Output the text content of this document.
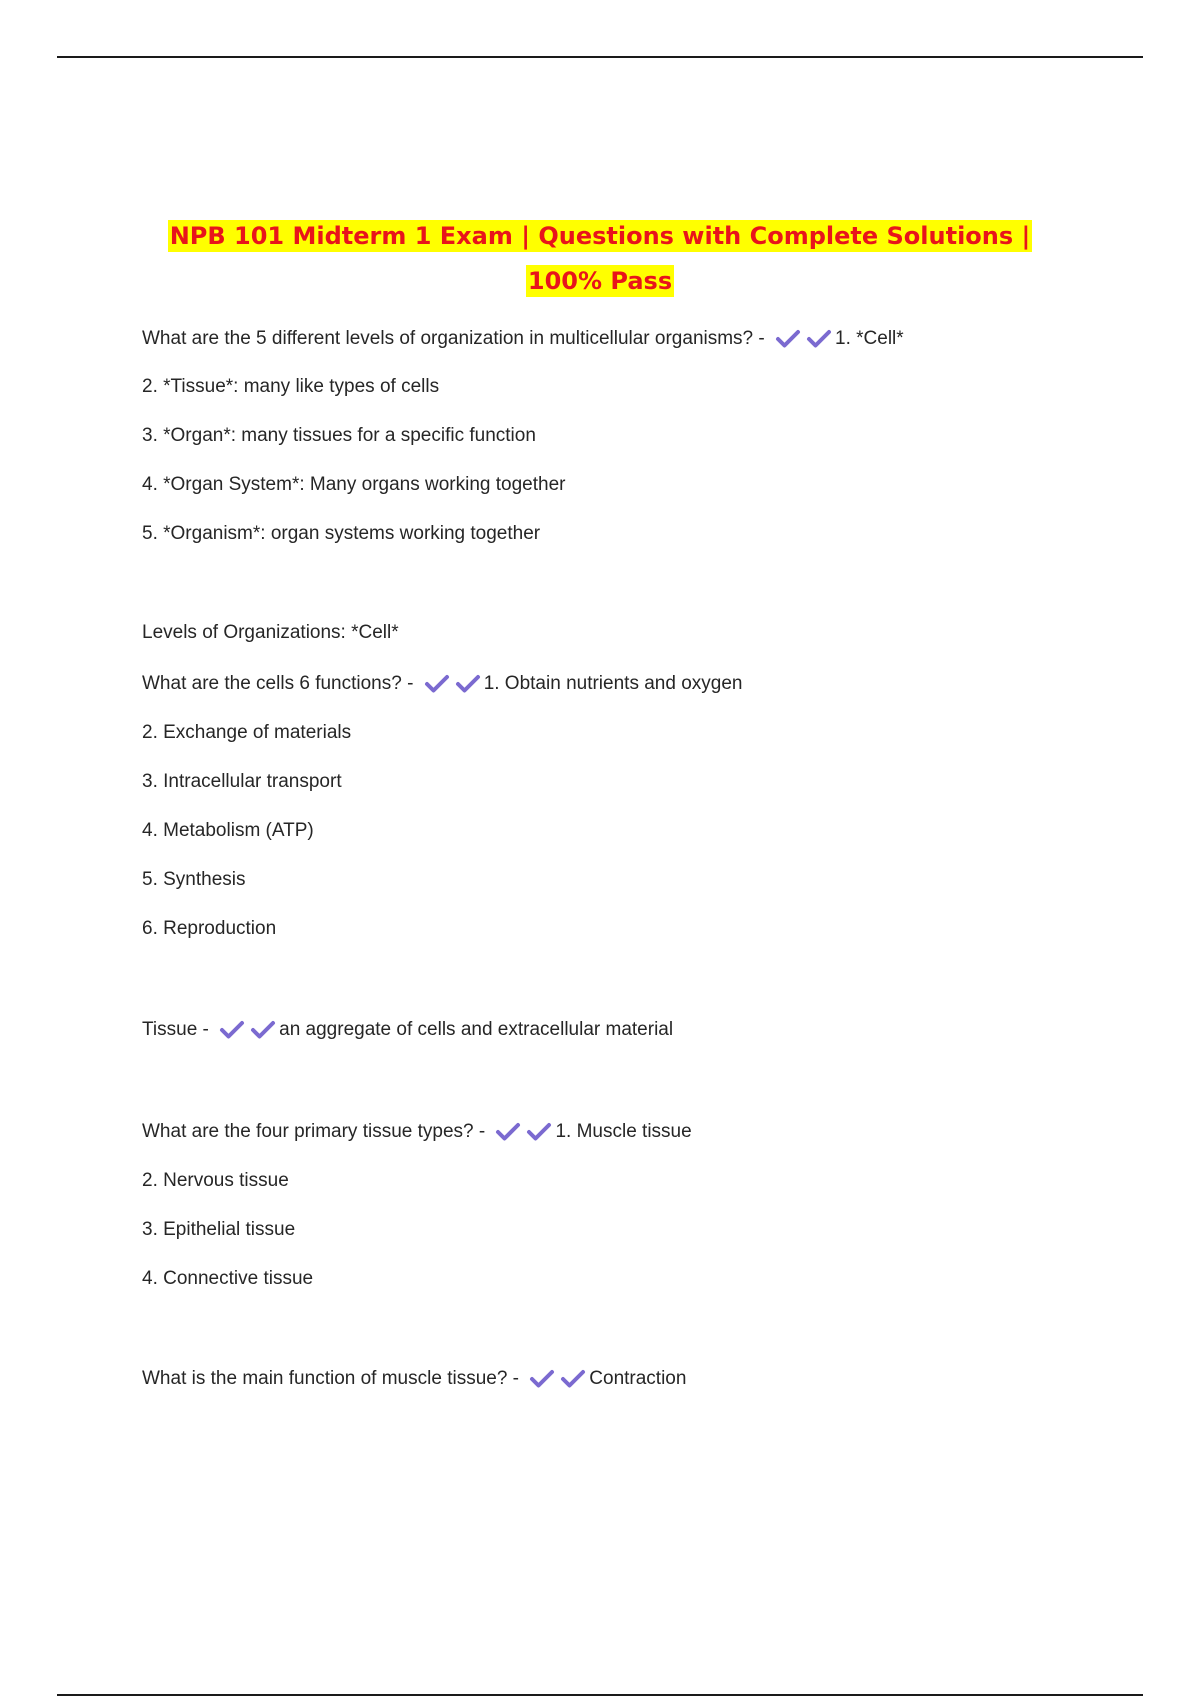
NPB 101 Midterm 1 Exam | Questions with Complete Solutions |
100% Pass
What are the 5 different levels of organization in multicellular organisms? -	1. *Cell*
2. *Tissue*: many like types of cells
3. *Organ*: many tissues for a specific function
4. *Organ System*: Many organs working together
5. *Organism*: organ systems working together
Levels of Organizations: *Cell*
What are the cells 6 functions? -	1. Obtain nutrients and oxygen
2. Exchange of materials
3. Intracellular transport
4. Metabolism (ATP)
5. Synthesis
6. Reproduction
Tissue -	an aggregate of cells and extracellular material
What are the four primary tissue types? -	1. Muscle tissue
2. Nervous tissue
3. Epithelial tissue
4. Connective tissue
What is the main function of muscle tissue? -	Contraction
